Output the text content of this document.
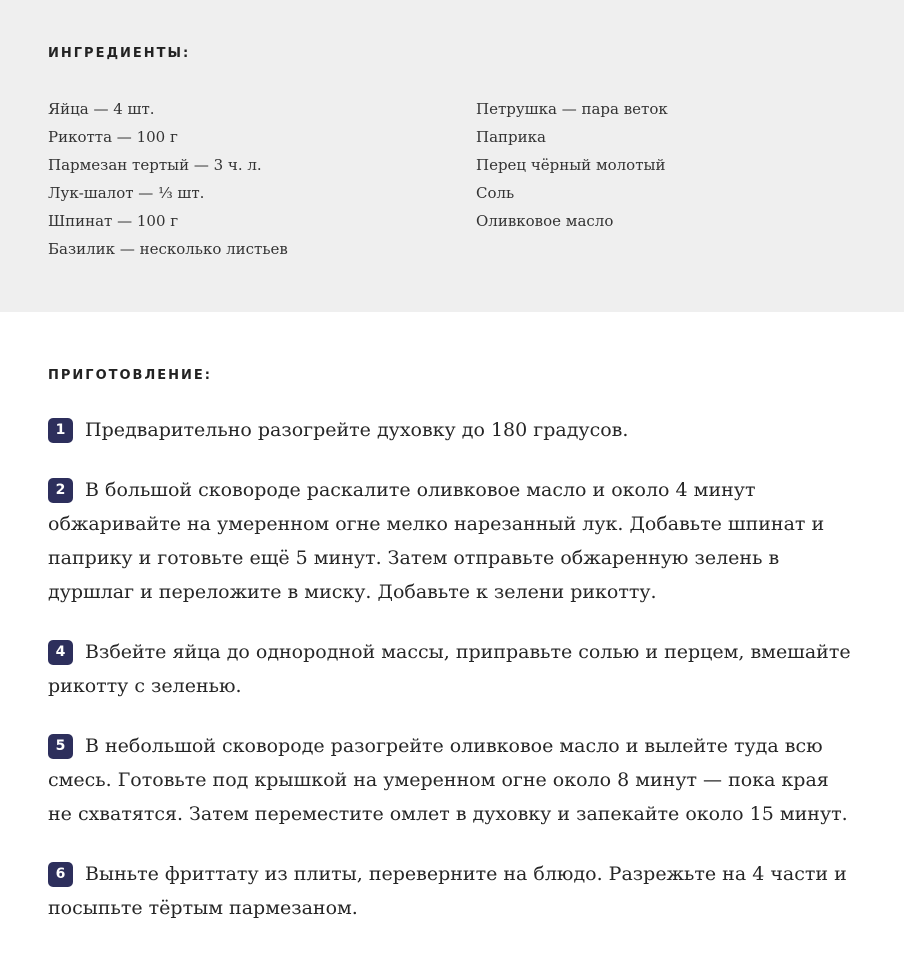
ИНГРЕДИЕНТЫ:
Яйца — 4 шт.
Рикотта — 100 г
Пармезан тертый — 3 ч. л.
Лук-шалот — ⅓ шт.
Шпинат — 100 г
Базилик — несколько листьев
Петрушка — пара веток
Паприка
Перец чёрный молотый
Соль
Оливковое масло
ПРИГОТОВЛЕНИЕ:
1 Предварительно разогрейте духовку до 180 градусов.
2 В большой сковороде раскалите оливковое масло и около 4 минут обжаривайте на умеренном огне мелко нарезанный лук. Добавьте шпинат и паприку и готовьте ещё 5 минут. Затем отправьте обжаренную зелень в дуршлаг и переложите в миску. Добавьте к зелени рикотту.
4 Взбейте яйца до однородной массы, приправьте солью и перцем, вмешайте рикотту с зеленью.
5 В небольшой сковороде разогрейте оливковое масло и вылейте туда всю смесь. Готовьте под крышкой на умеренном огне около 8 минут — пока края не схватятся. Затем переместите омлет в духовку и запекайте около 15 минут.
6 Выньте фриттату из плиты, переверните на блюдо. Разрежьте на 4 части и посыпьте тёртым пармезаном.
